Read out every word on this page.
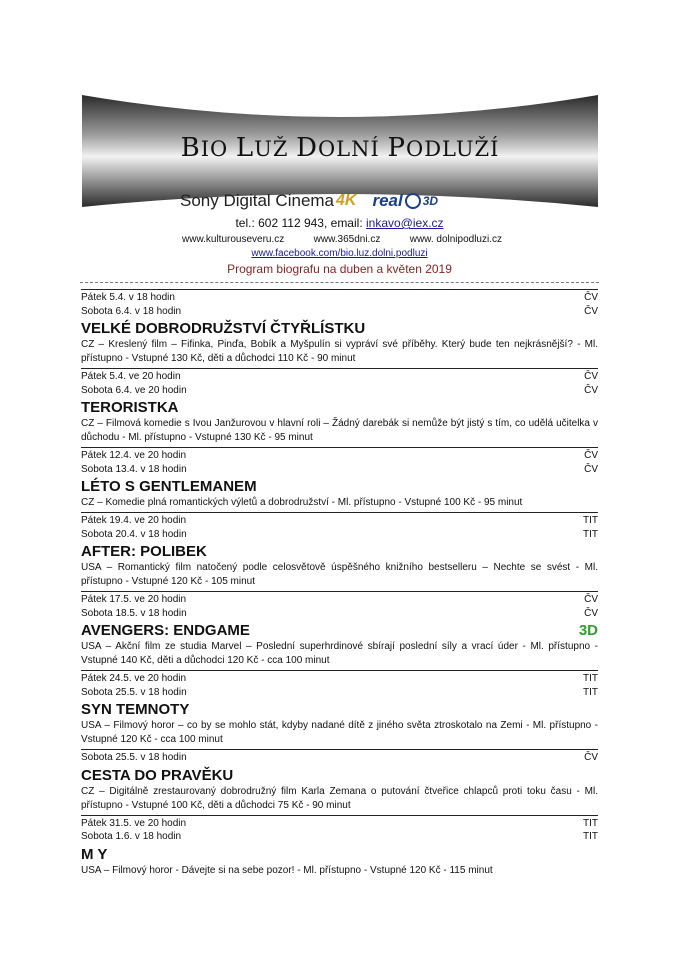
BIO LUŽ DOLNÍ PODLUŽÍ
Sony Digital Cinema 4K real 3D
tel.: 602 112 943, email: inkavo@iex.cz
www.kulturouseveru.cz	www.365dni.cz	www. dolnipodluzi.cz
www.facebook.com/bio.luz.dolni.podluzi
Program biografu na duben a květen 2019
Pátek 5.4. v 18 hodin	ČV
Sobota 6.4. v 18 hodin	ČV
VELKÉ DOBRODRUŽSTVÍ ČTYŘLÍSTKU
CZ – Kreslený film – Fifinka, Pinďa, Bobík a Myšpulín si vypráví své příběhy. Který bude ten nejkrásnější? - Ml. přístupno - Vstupné 130 Kč, děti a důchodci 110 Kč - 90 minut
Pátek 5.4. ve 20 hodin	ČV
Sobota 6.4. ve 20 hodin	ČV
TERORISTKA
CZ – Filmová komedie s Ivou Janžurovou v hlavní roli – Žádný darebák si nemůže být jistý s tím, co udělá učitelka v důchodu - Ml. přístupno - Vstupné 130 Kč - 95 minut
Pátek 12.4. ve 20 hodin	ČV
Sobota 13.4. v 18 hodin	ČV
LÉTO S GENTLEMANEM
CZ – Komedie plná romantických výletů a dobrodružství - Ml. přístupno - Vstupné 100 Kč - 95 minut
Pátek 19.4. ve 20 hodin	TIT
Sobota 20.4. v 18 hodin	TIT
AFTER: POLIBEK
USA – Romantický film natočený podle celosvětově úspěšného knižního bestselleru – Nechte se svést - Ml. přístupno - Vstupné 120 Kč - 105 minut
Pátek 17.5. ve 20 hodin	ČV
Sobota 18.5. v 18 hodin	ČV
AVENGERS: ENDGAME	3D
USA – Akční film ze studia Marvel – Poslední superhrdinové sbírají poslední síly a vrací úder - Ml. přístupno - Vstupné 140 Kč, děti a důchodci 120 Kč - cca 100 minut
Pátek 24.5. ve 20 hodin	TIT
Sobota 25.5. v 18 hodin	TIT
SYN TEMNOTY
USA – Filmový horor – co by se mohlo stát, kdyby nadané dítě z jiného světa ztroskotalo na Zemi - Ml. přístupno - Vstupné 120 Kč - cca 100 minut
Sobota 25.5. v 18 hodin	ČV
CESTA DO PRAVĚKU
CZ – Digitálně zrestaurovaný dobrodružný film Karla Zemana o putování čtveřice chlapců proti toku času - Ml. přístupno - Vstupné 100 Kč, děti a důchodci 75 Kč - 90 minut
Pátek 31.5. ve 20 hodin	TIT
Sobota 1.6. v 18 hodin	TIT
M Y
USA – Filmový horor - Dávejte si na sebe pozor! - Ml. přístupno - Vstupné 120 Kč - 115 minut
